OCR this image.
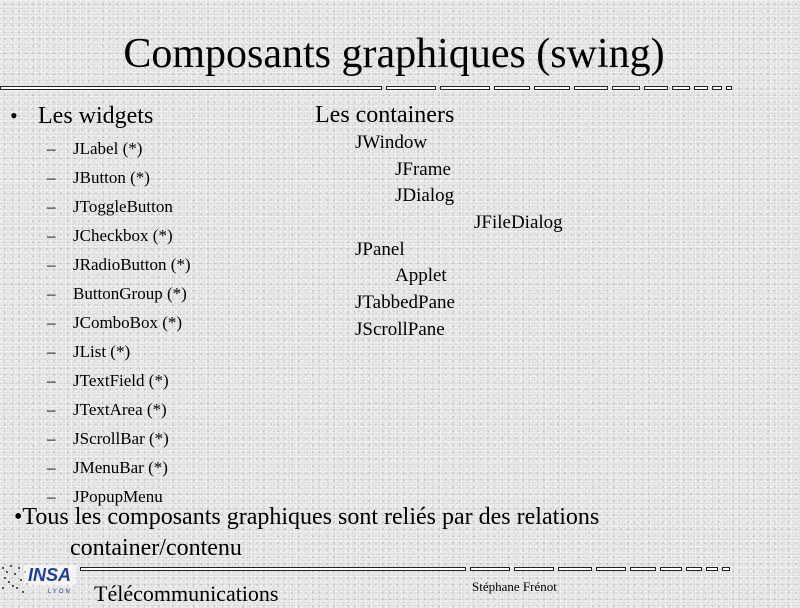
Composants graphiques (swing)
• Les widgets
– JLabel (*)
– JButton (*)
– JToggleButton
– JCheckbox (*)
– JRadioButton (*)
– ButtonGroup (*)
– JComboBox (*)
– JList (*)
– JTextField (*)
– JTextArea (*)
– JScrollBar (*)
– JMenuBar (*)
– JPopupMenu

Les containers

JWindow
JFrame
JDialog
JFileDialog
JPanel
Applet
JTabbedPane
JScrollPane
•Tous les composants graphiques sont reliés par des relations
container/contenu
INSA
LYON Télécommunications	Stéphane Frénot
